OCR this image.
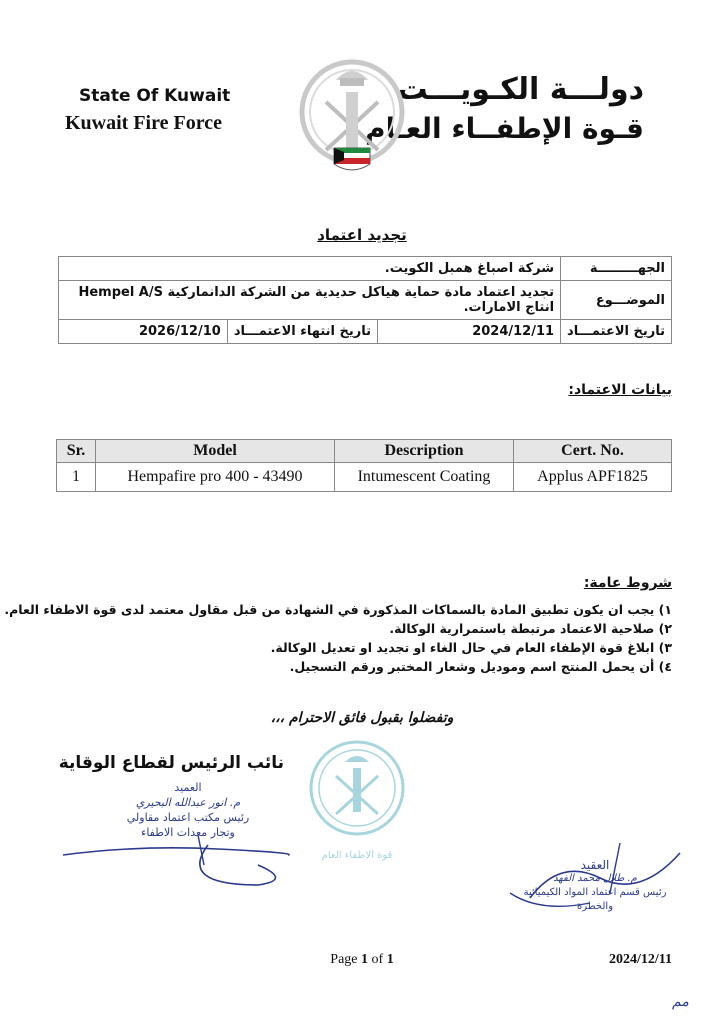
State Of Kuwait
Kuwait Fire Force
دولـــة الكـويـــت
قـوة الإطفــاء العـام
تجديد اعتماد
الجهـــــــــة	شركة اصباغ همبل الكويت.		
الموضـــوع	تجديد اعتماد مادة حماية هياكل حديدية من الشركة الدانماركية Hempel A/S
انتاج الامارات.		

تاريخ الاعتمـــاد	2024/12/11	تاريخ انتهاء الاعتمـــاد	2026/12/10
بيانات الاعتماد:
Sr.	Model	Description	Cert. No.
1	Hempafire pro 400 - 43490	Intumescent Coating	Applus APF1825
شروط عامة:
١) يجب ان يكون تطبيق المادة بالسماكات المذكورة في الشهادة من قبل مقاول معتمد لدى قوة الاطفاء العام.
٢) صلاحية الاعتماد مرتبطة باستمرارية الوكالة.
٣) ابلاغ قوة الإطفاء العام في حال الغاء او تجديد او تعديل الوكالة.
٤) أن يحمل المنتج اسم وموديل وشعار المختبر ورقم التسجيل.
وتفضلوا بقبول فائق الاحترام ،،،
نائب الرئيس لقطاع الوقاية
العميد
م. انور عبدالله البحيري
رئيس مكتب اعتماد مقاولي
وتجار معدات الاطفاء
قوة الاطفاء العام
العقيد
م. طلال محمد الفهد
رئيس قسم اعتماد المواد الكيميائية والخطرة
Page 1 of 1	2024/12/11
مم
